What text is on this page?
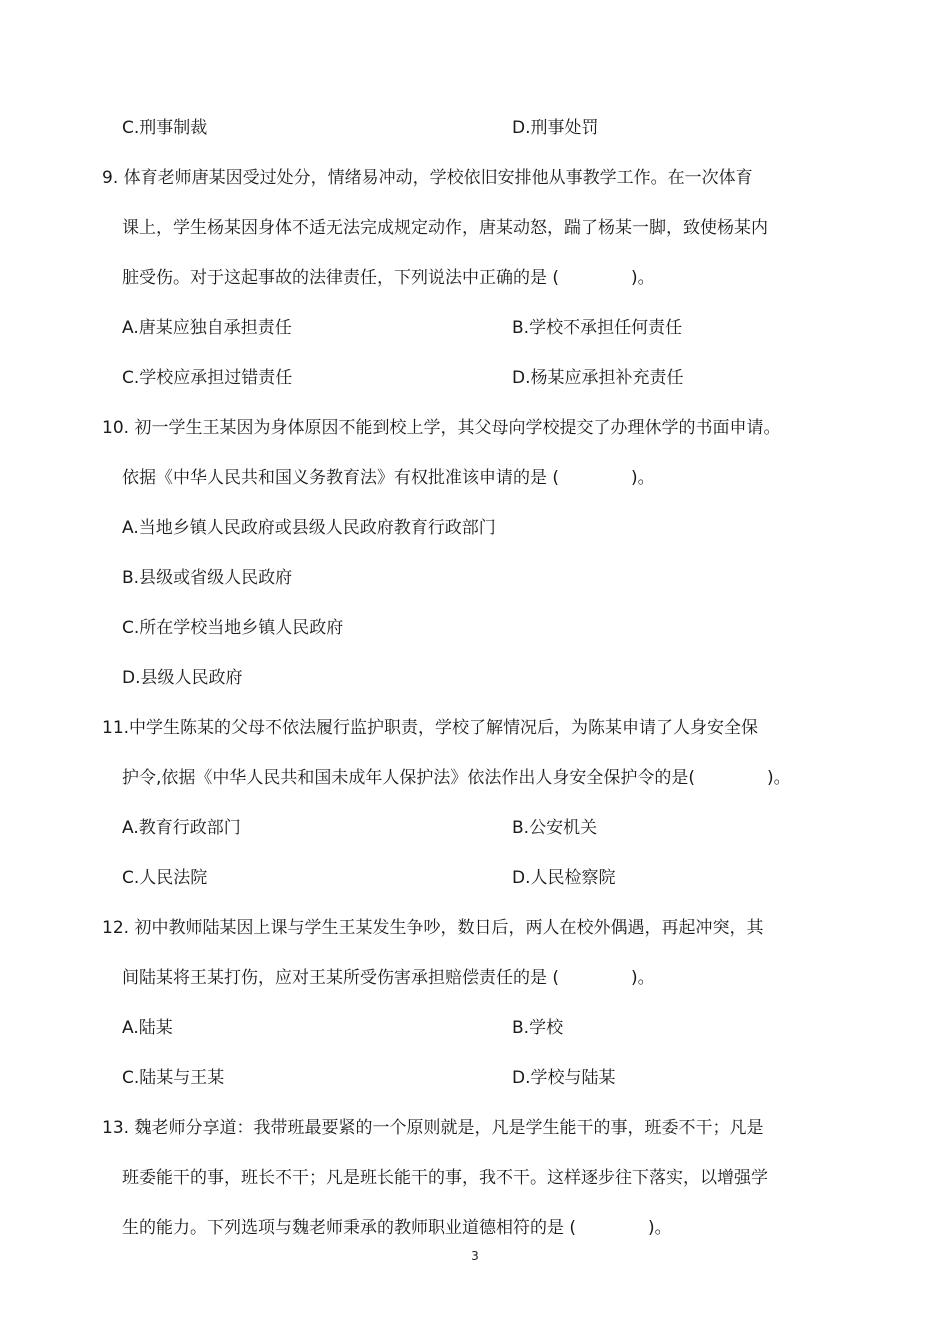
C.刑事制裁	D.刑事处罚
9. 体育老师唐某因受过处分，情绪易冲动，学校依旧安排他从事教学工作。在一次体育
课上，学生杨某因身体不适无法完成规定动作，唐某动怒，踹了杨某一脚，致使杨某内
脏受伤。对于这起事故的法律责任，下列说法中正确的是 (	)。
A.唐某应独自承担责任	B.学校不承担任何责任
C.学校应承担过错责任	D.杨某应承担补充责任
10. 初一学生王某因为身体原因不能到校上学，其父母向学校提交了办理休学的书面申请。
依据《中华人民共和国义务教育法》有权批准该申请的是 (	)。
A.当地乡镇人民政府或县级人民政府教育行政部门
B.县级或省级人民政府
C.所在学校当地乡镇人民政府
D.县级人民政府
11.中学生陈某的父母不依法履行监护职责，学校了解情况后，为陈某申请了人身安全保
护令,依据《中华人民共和国未成年人保护法》依法作出人身安全保护令的是(	)。
A.教育行政部门	B.公安机关
C.人民法院	D.人民检察院
12. 初中教师陆某因上课与学生王某发生争吵，数日后，两人在校外偶遇，再起冲突，其
间陆某将王某打伤，应对王某所受伤害承担赔偿责任的是 (	)。
A.陆某	B.学校
C.陆某与王某	D.学校与陆某
13. 魏老师分享道：我带班最要紧的一个原则就是，凡是学生能干的事，班委不干；凡是
班委能干的事，班长不干；凡是班长能干的事，我不干。这样逐步往下落实，以增强学
生的能力。下列选项与魏老师秉承的教师职业道德相符的是 (	)。
3
